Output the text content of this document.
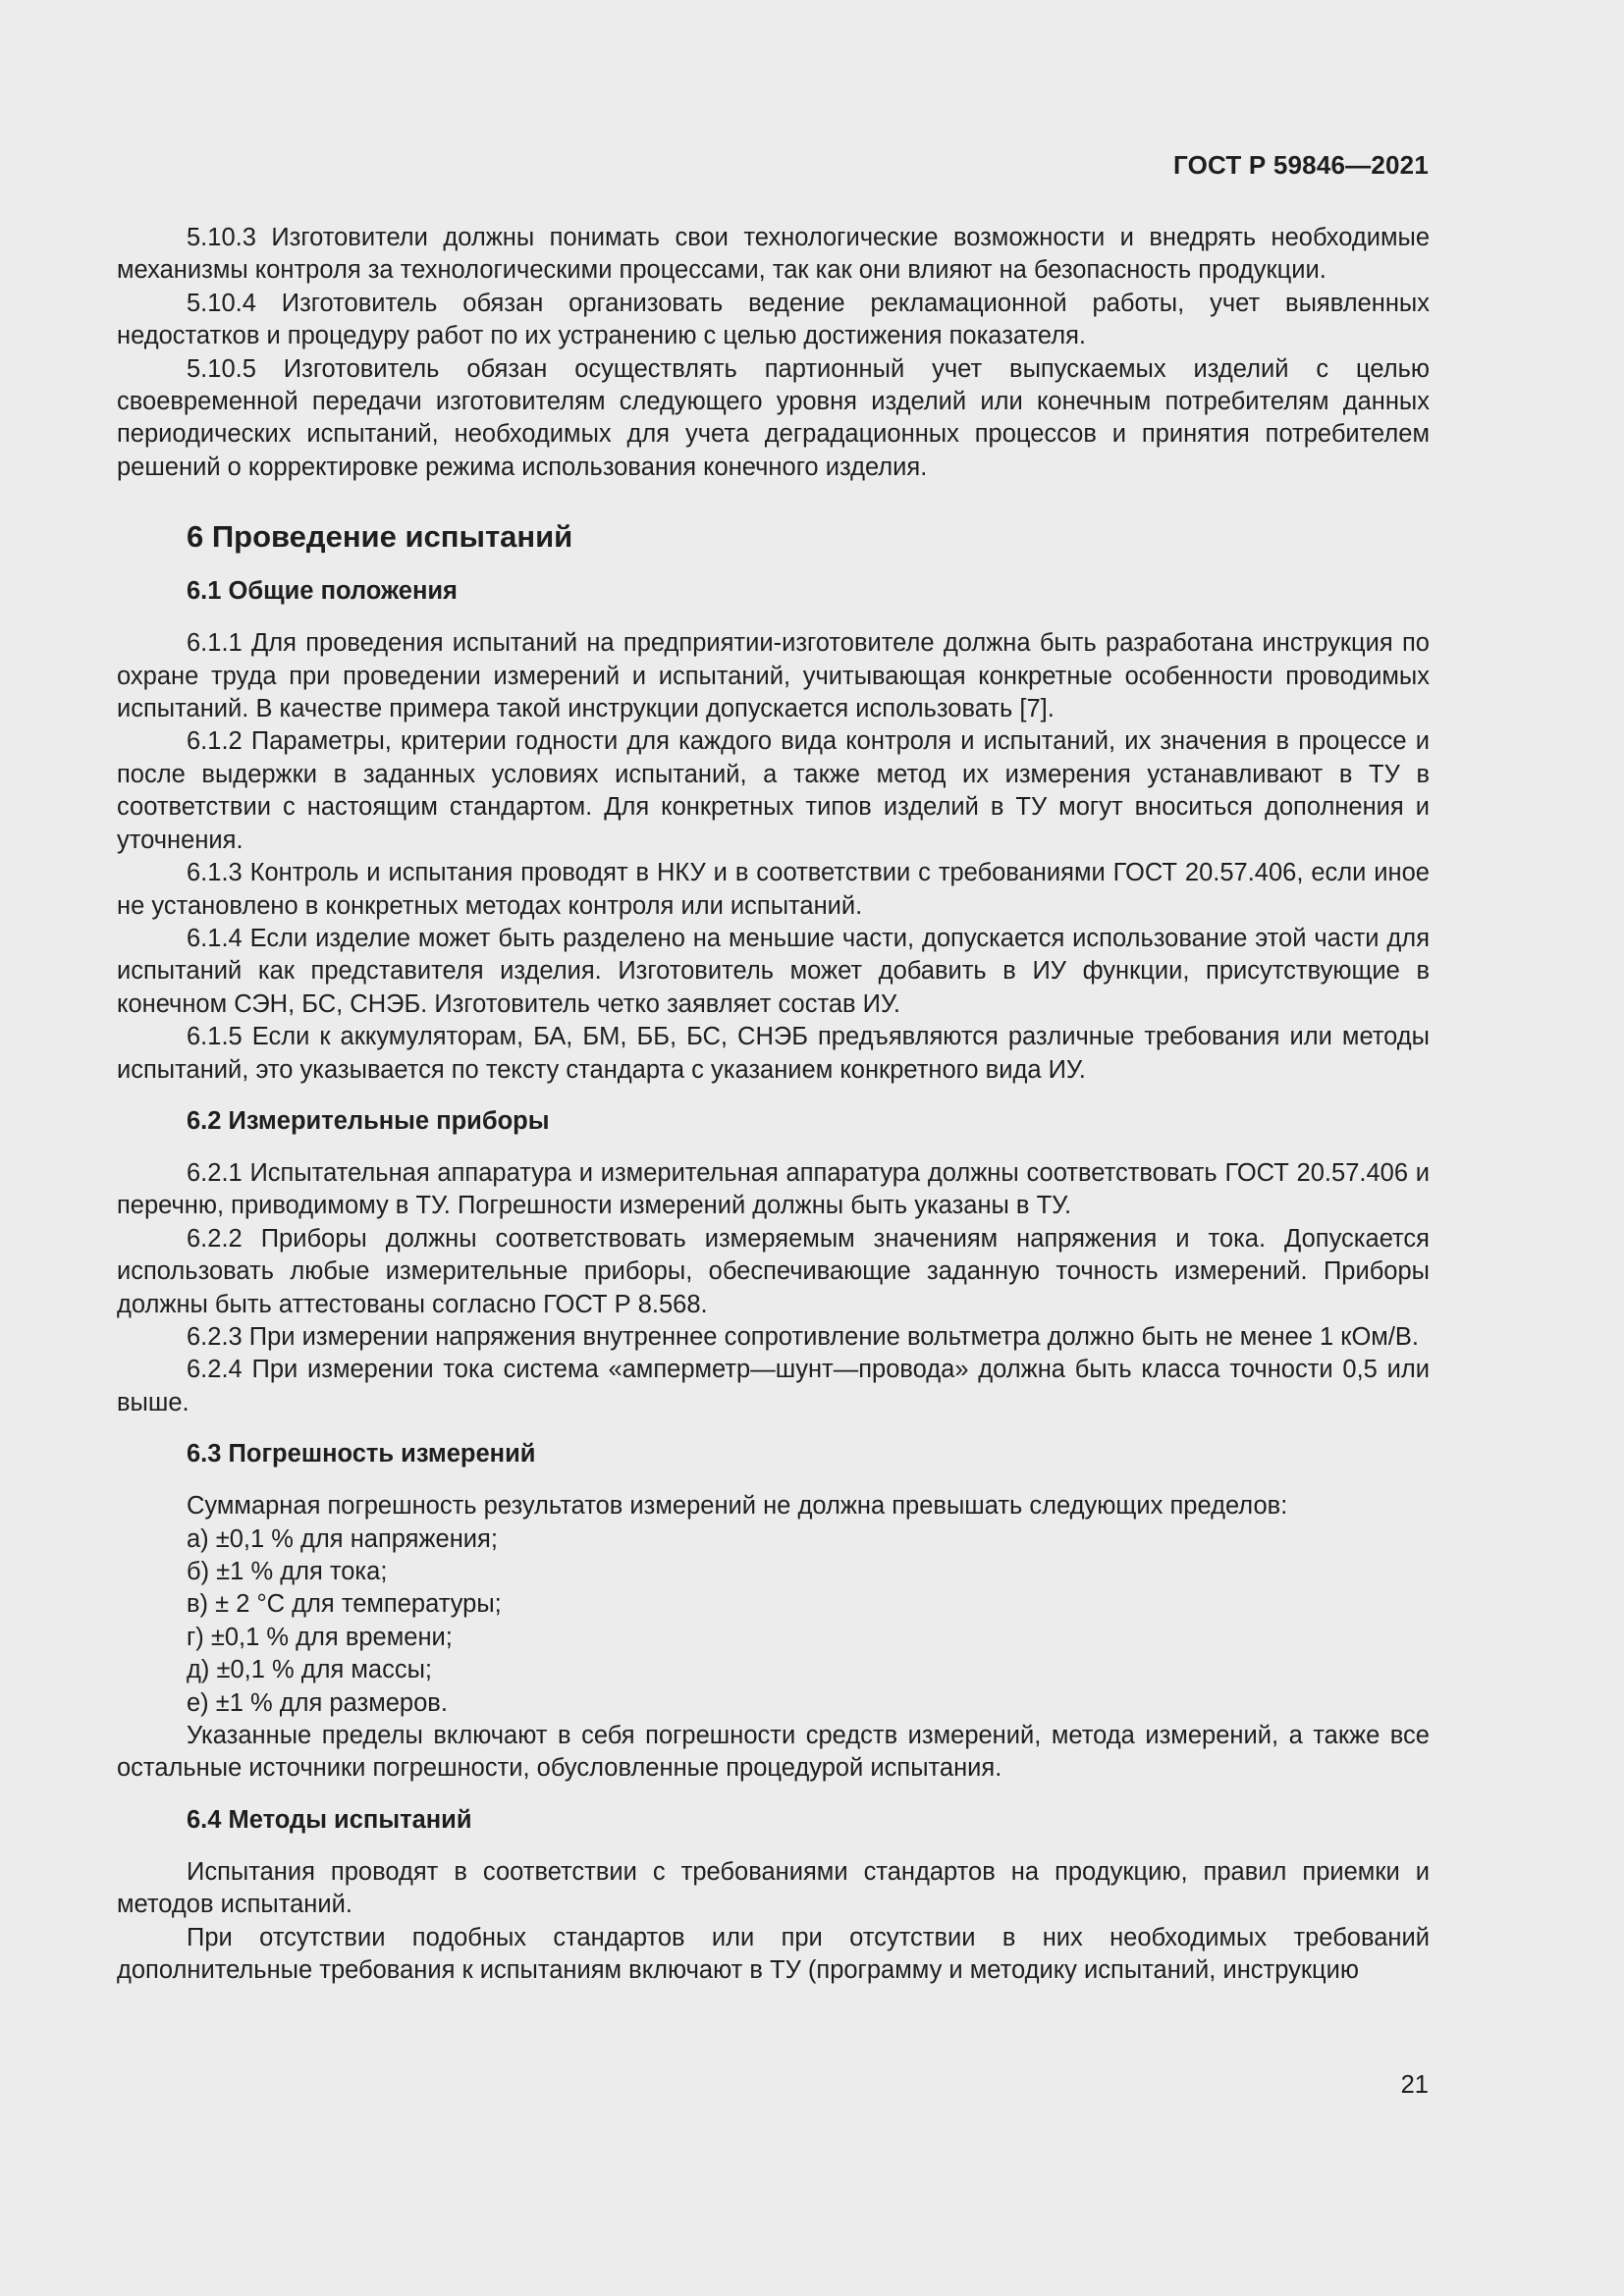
ГОСТ Р 59846—2021

5.10.3 Изготовители должны понимать свои технологические возможности и внедрять необходимые механизмы контроля за технологическими процессами, так как они влияют на безопасность продукции.

5.10.4 Изготовитель обязан организовать ведение рекламационной работы, учет выявленных недостатков и процедуру работ по их устранению с целью достижения показателя.

5.10.5 Изготовитель обязан осуществлять партионный учет выпускаемых изделий с целью своевременной передачи изготовителям следующего уровня изделий или конечным потребителям данных периодических испытаний, необходимых для учета деградационных процессов и принятия потребителем решений о корректировке режима использования конечного изделия.

6 Проведение испытаний
6.1 Общие положения

6.1.1 Для проведения испытаний на предприятии-изготовителе должна быть разработана инструкция по охране труда при проведении измерений и испытаний, учитывающая конкретные особенности проводимых испытаний. В качестве примера такой инструкции допускается использовать [7].

6.1.2 Параметры, критерии годности для каждого вида контроля и испытаний, их значения в процессе и после выдержки в заданных условиях испытаний, а также метод их измерения устанавливают в ТУ в соответствии с настоящим стандартом. Для конкретных типов изделий в ТУ могут вноситься дополнения и уточнения.

6.1.3 Контроль и испытания проводят в НКУ и в соответствии с требованиями ГОСТ 20.57.406, если иное не установлено в конкретных методах контроля или испытаний.

6.1.4 Если изделие может быть разделено на меньшие части, допускается использование этой части для испытаний как представителя изделия. Изготовитель может добавить в ИУ функции, присутствующие в конечном СЭН, БС, СНЭБ. Изготовитель четко заявляет состав ИУ.

6.1.5 Если к аккумуляторам, БА, БМ, ББ, БС, СНЭБ предъявляются различные требования или методы испытаний, это указывается по тексту стандарта с указанием конкретного вида ИУ.

6.2 Измерительные приборы

6.2.1 Испытательная аппаратура и измерительная аппаратура должны соответствовать ГОСТ 20.57.406 и перечню, приводимому в ТУ. Погрешности измерений должны быть указаны в ТУ.

6.2.2 Приборы должны соответствовать измеряемым значениям напряжения и тока. Допускается использовать любые измерительные приборы, обеспечивающие заданную точность измерений. Приборы должны быть аттестованы согласно ГОСТ Р 8.568.

6.2.3 При измерении напряжения внутреннее сопротивление вольтметра должно быть не менее 1 кОм/В.

6.2.4 При измерении тока система «амперметр—шунт—провода» должна быть класса точности 0,5 или выше.

6.3 Погрешность измерений

Суммарная погрешность результатов измерений не должна превышать следующих пределов:

а) ±0,1 % для напряжения;
б) ±1 % для тока;
в) ± 2 °С для температуры;
г) ±0,1 % для времени;
д) ±0,1 % для массы;
е) ±1 % для размеров.

Указанные пределы включают в себя погрешности средств измерений, метода измерений, а также все остальные источники погрешности, обусловленные процедурой испытания.

6.4 Методы испытаний

Испытания проводят в соответствии с требованиями стандартов на продукцию, правил приемки и методов испытаний.

При отсутствии подобных стандартов или при отсутствии в них необходимых требований дополнительные требования к испытаниям включают в ТУ (программу и методику испытаний, инструкцию

21
